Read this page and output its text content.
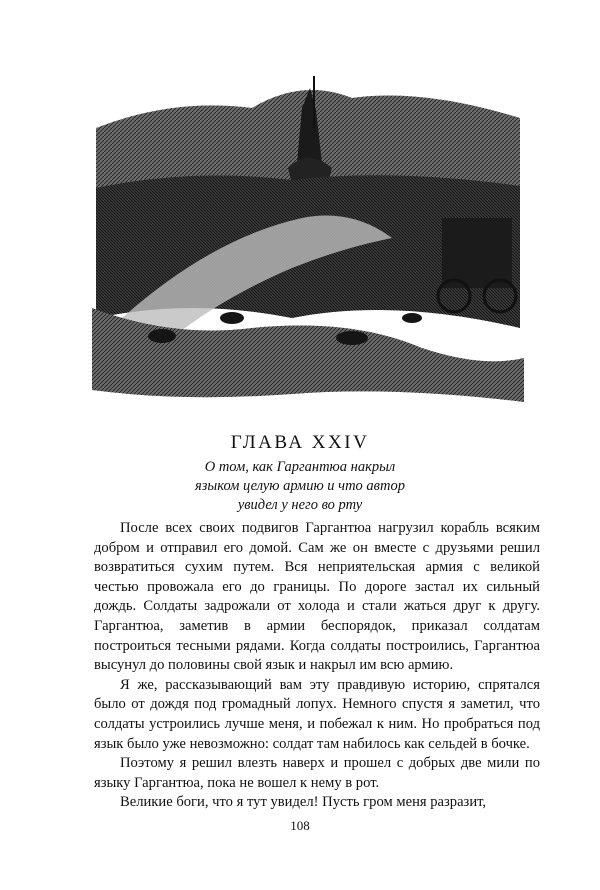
ГЛАВА XXIV
О том, как Гаргантюа накрыл
языком целую армию и что автор
увидел у него во рту

После всех своих подвигов Гаргантюа нагрузил корабль всяким добром и отправил его домой. Сам же он вместе с друзьями решил возвратиться сухим путем. Вся неприятельская армия с великой честью провожала его до границы. По дороге застал их сильный дождь. Солдаты задрожали от холода и стали жаться друг к другу. Гаргантюа, заметив в армии беспорядок, приказал солдатам построиться тесными рядами. Когда солдаты построились, Гаргантюа высунул до половины свой язык и накрыл им всю армию.

Я же, рассказывающий вам эту правдивую историю, спрятался было от дождя под громадный лопух. Немного спустя я заметил, что солдаты устроились лучше меня, и побежал к ним. Но пробраться под язык было уже невозможно: солдат там набилось как сельдей в бочке.

Поэтому я решил влезть наверх и прошел с добрых две мили по языку Гаргантюа, пока не вошел к нему в рот.

Великие боги, что я тут увидел! Пусть гром меня разразит,

108
